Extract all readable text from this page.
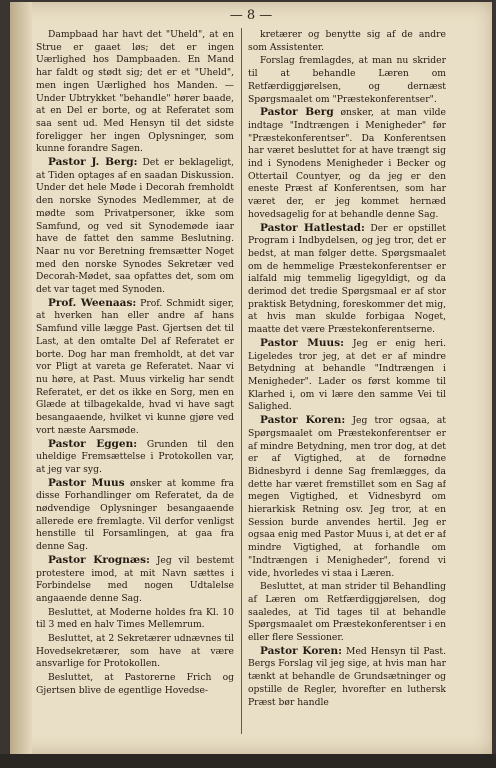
— 8 —

Dampbaad har havt det "Uheld", at en Strue er gaaet løs; det er ingen Uærlighed hos Dampbaaden. En Mand har faldt og stødt sig; det er et "Uheld", men ingen Uærlighed hos Manden. — Under Ubtrykket "behandle" hører baade, at en Del er borte, og at Referatet som saa sent ud. Med Hensyn til det sidste foreligger her ingen Oplysninger, som kunne forandre Sagen.

Pastor J. Berg: Det er beklageligt, at Tiden optages af en saadan Diskussion. Under det hele Møde i Decorah fremholdt den norske Synodes Medlemmer, at de mødte som Privatpersoner, ikke som Samfund, og ved sit Synodemøde iaar have de fattet den samme Beslutning. Naar nu vor Beretning fremsætter Noget med den norske Synodes Sekretær ved Decorah-Mødet, saa opfattes det, som om det var taget med Synoden.

Prof. Weenaas: Prof. Schmidt siger, at hverken han eller andre af hans Samfund ville lægge Past. Gjertsen det til Last, at den omtalte Del af Referatet er borte. Dog har man fremholdt, at det var vor Pligt at vareta ge Referatet. Naar vi nu høre, at Past. Muus virkelig har sendt Referatet, er det os ikke en Sorg, men en Glæde at tilbagekalde, hvad vi have sagt besangaaende, hvilket vi kunne gjøre ved vort næste Aarsmøde.

Pastor Eggen: Grunden til den uheldige Fremsættelse i Protokollen var, at jeg var syg.

Pastor Muus ønsker at komme fra disse Forhandlinger om Referatet, da de nødvendige Oplysninger besangaaende allerede ere fremlagte. Vil derfor venligst henstille til Forsamlingen, at gaa fra denne Sag.

Pastor Krognæs: Jeg vil bestemt protestere imod, at mit Navn sættes i Forbindelse med nogen Udtalelse angaaende denne Sag.

Besluttet, at Moderne holdes fra Kl. 10 til 3 med en halv Times Mellemrum.

Besluttet, at 2 Sekretærer udnævnes til Hovedsekretærer, som have at være ansvarlige for Protokollen.

Besluttet, at Pastorerne Frich og Gjertsen blive de egentlige Hovedse-

kretærer og benytte sig af de andre som Assistenter.

Forslag fremlagdes, at man nu skrider til at behandle Læren om Retfærdiggjørelsen, og dernæst Spørgsmaalet om "Præstekonferentser".

Pastor Berg ønsker, at man vilde indtage "Indtrængen i Menigheder" før "Præstekonferentser". Da Konferentsen har været besluttet for at have trængt sig ind i Synodens Menigheder i Becker og Ottertail Countyer, og da jeg er den eneste Præst af Konferentsen, som har været der, er jeg kommet hernæd hovedsagelig for at behandle denne Sag.

Pastor Hatlestad: Der er opstillet Program i Indbydelsen, og jeg tror, det er bedst, at man følger dette. Spørgsmaalet om de hemmelige Præstekonferentser er ialfald mig temmelig ligegyldigt, og da derimod det tredie Spørgsmaal er af stor praktisk Betydning, foreskommer det mig, at hvis man skulde forbigaa Noget, maatte det være Præstekonferentserne.

Pastor Muus: Jeg er enig heri. Ligeledes tror jeg, at det er af mindre Betydning at behandle "Indtrængen i Menigheder". Lader os først komme til Klarhed i, om vi lære den samme Vei til Salighed.

Pastor Koren: Jeg tror ogsaa, at Spørgsmaalet om Præstekonferentser er af mindre Betydning, men tror dog, at det er af Vigtighed, at de fornødne Bidnesbyrd i denne Sag fremlægges, da dette har været fremstillet som en Sag af megen Vigtighed, et Vidnesbyrd om hierarkisk Retning osv. Jeg tror, at en Session burde anvendes hertil. Jeg er ogsaa enig med Pastor Muus i, at det er af mindre Vigtighed, at forhandle om "Indtrængen i Menigheder", forend vi vide, hvorledes vi staa i Læren.

Besluttet, at man strider til Behandling af Læren om Retfærdiggjørelsen, dog saaledes, at Tid tages til at behandle Spørgsmaalet om Præstekonferentser i en eller flere Sessioner.

Pastor Koren: Med Hensyn til Past. Bergs Forslag vil jeg sige, at hvis man har tænkt at behandle de Grundsætninger og opstille de Regler, hvorefter en luthersk Præst bør handle
